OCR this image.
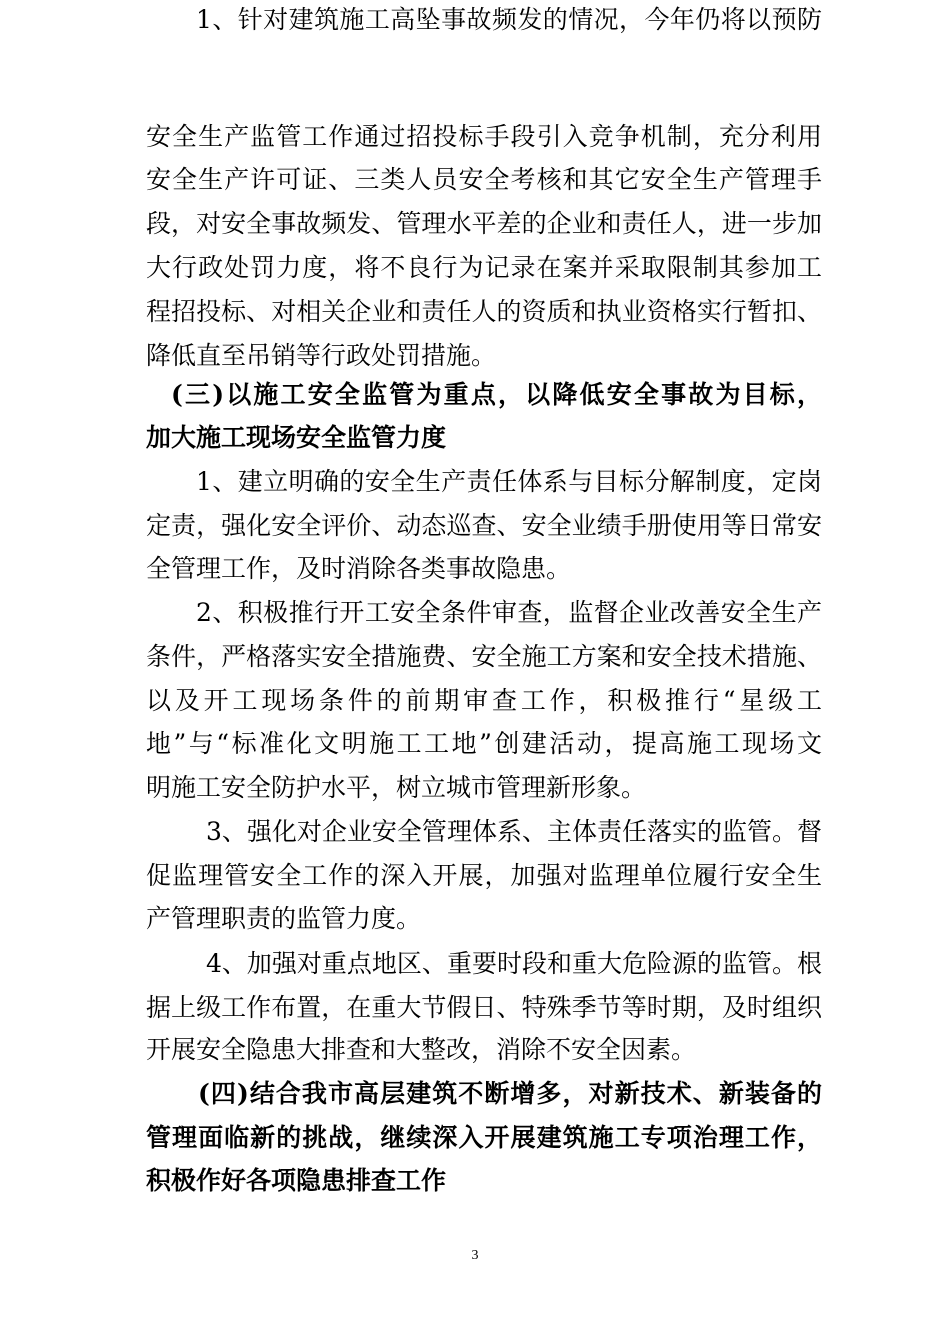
安全生产监管工作通过招投标手段引入竞争机制，充分利用
安全生产许可证、三类人员安全考核和其它安全生产管理手
段，对安全事故频发、管理水平差的企业和责任人，进一步加
大行政处罚力度，将不良行为记录在案并采取限制其参加工
程招投标、对相关企业和责任人的资质和执业资格实行暂扣、
降低直至吊销等行政处罚措施。
(三)以施工安全监管为重点，以降低安全事故为目标，
加大施工现场安全监管力度
1、建立明确的安全生产责任体系与目标分解制度，定岗
定责，强化安全评价、动态巡查、安全业绩手册使用等日常安
全管理工作，及时消除各类事故隐患。
2、积极推行开工安全条件审查，监督企业改善安全生产
条件，严格落实安全措施费、安全施工方案和安全技术措施、
以及开工现场条件的前期审查工作，积极推行“星级工
地”与“标准化文明施工工地”创建活动，提高施工现场文
明施工安全防护水平，树立城市管理新形象。
3、强化对企业安全管理体系、主体责任落实的监管。督
促监理管安全工作的深入开展，加强对监理单位履行安全生
产管理职责的监管力度。
4、加强对重点地区、重要时段和重大危险源的监管。根
据上级工作布置，在重大节假日、特殊季节等时期，及时组织
开展安全隐患大排查和大整改，消除不安全因素。
(四)结合我市高层建筑不断增多，对新技术、新装备的
管理面临新的挑战，继续深入开展建筑施工专项治理工作，
积极作好各项隐患排查工作
1、针对建筑施工高坠事故频发的情况，今年仍将以预防
3
